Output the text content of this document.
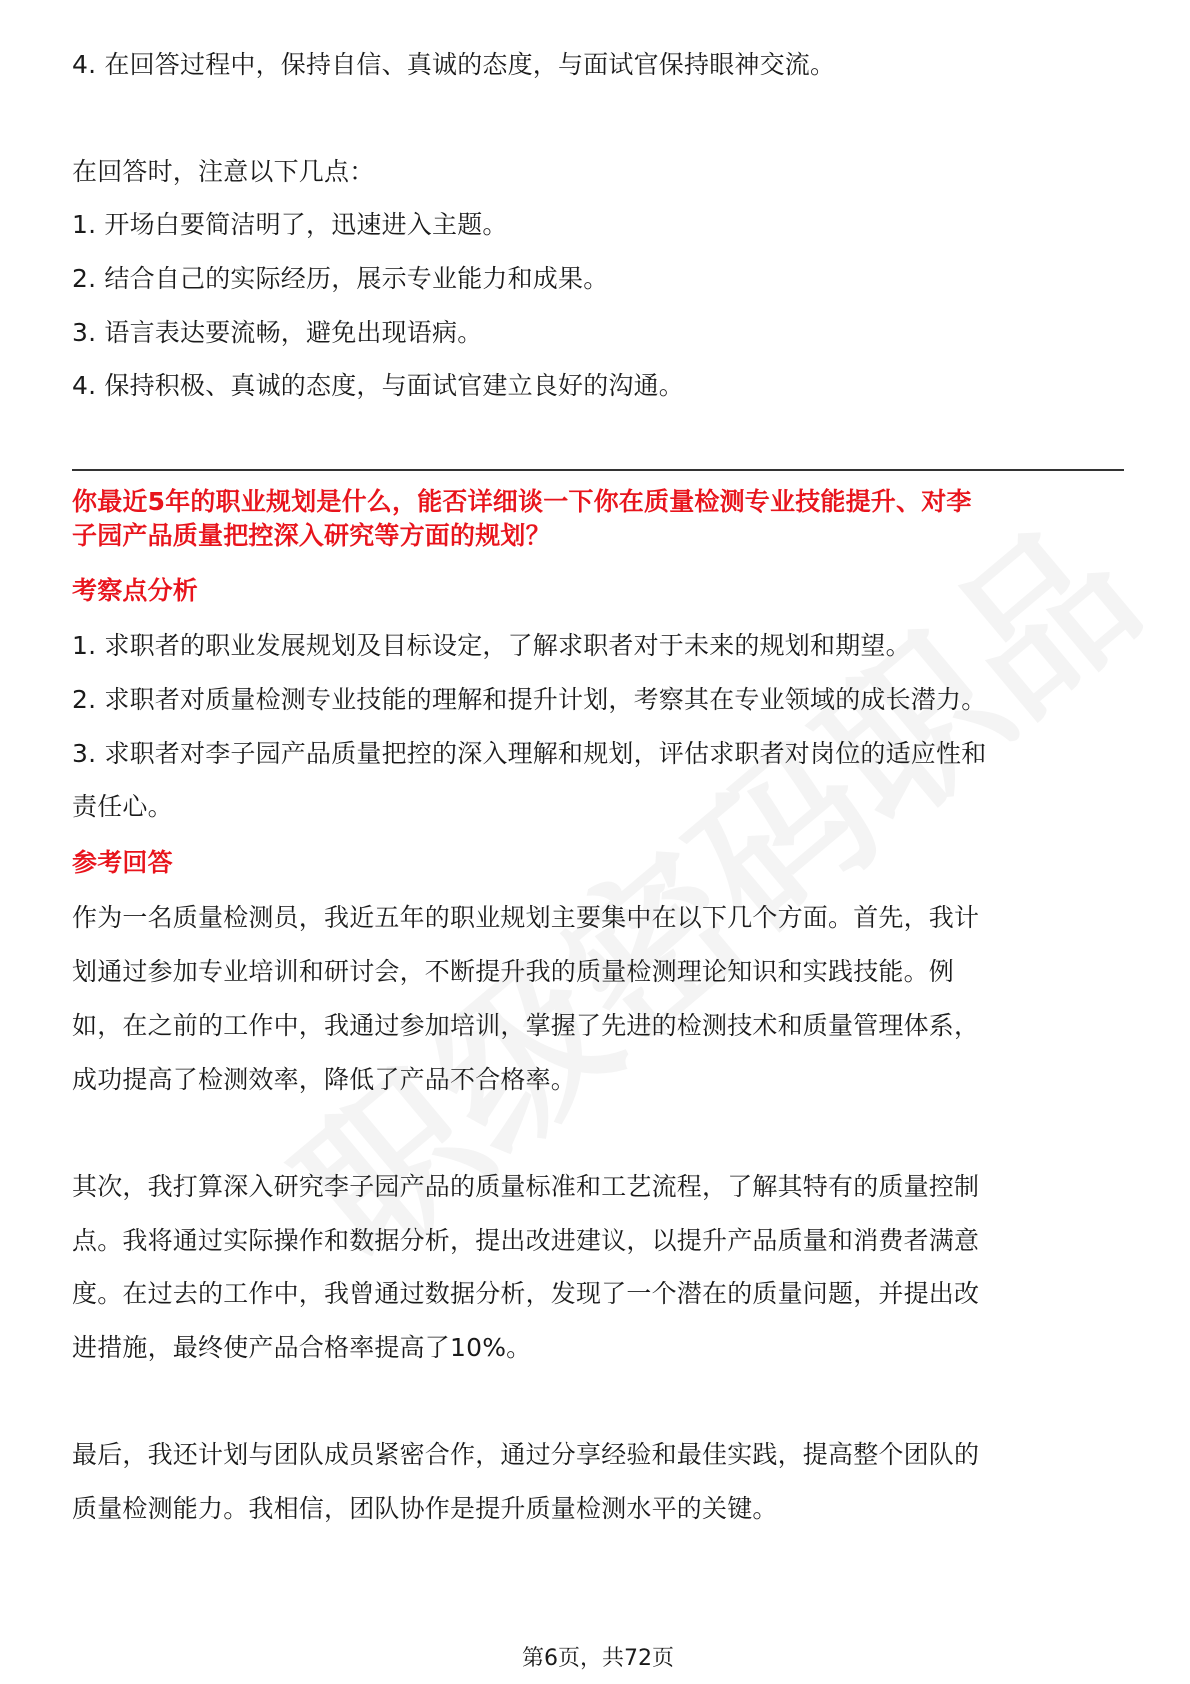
4. 在回答过程中，保持自信、真诚的态度，与面试官保持眼神交流。
在回答时，注意以下几点：
1. 开场白要简洁明了，迅速进入主题。
2. 结合自己的实际经历，展示专业能力和成果。
3. 语言表达要流畅，避免出现语病。
4. 保持积极、真诚的态度，与面试官建立良好的沟通。
你最近5年的职业规划是什么，能否详细谈一下你在质量检测专业技能提升、对李
子园产品质量把控深入研究等方面的规划？
考察点分析
1. 求职者的职业发展规划及目标设定，了解求职者对于未来的规划和期望。
2. 求职者对质量检测专业技能的理解和提升计划，考察其在专业领域的成长潜力。
3. 求职者对李子园产品质量把控的深入理解和规划，评估求职者对岗位的适应性和
责任心。
参考回答
作为一名质量检测员，我近五年的职业规划主要集中在以下几个方面。首先，我计
划通过参加专业培训和研讨会，不断提升我的质量检测理论知识和实践技能。例
如，在之前的工作中，我通过参加培训，掌握了先进的检测技术和质量管理体系，
成功提高了检测效率，降低了产品不合格率。
其次，我打算深入研究李子园产品的质量标准和工艺流程，了解其特有的质量控制
点。我将通过实际操作和数据分析，提出改进建议，以提升产品质量和消费者满意
度。在过去的工作中，我曾通过数据分析，发现了一个潜在的质量问题，并提出改
进措施，最终使产品合格率提高了10%。
最后，我还计划与团队成员紧密合作，通过分享经验和最佳实践，提高整个团队的
质量检测能力。我相信，团队协作是提升质量检测水平的关键。
第6页，共72页
